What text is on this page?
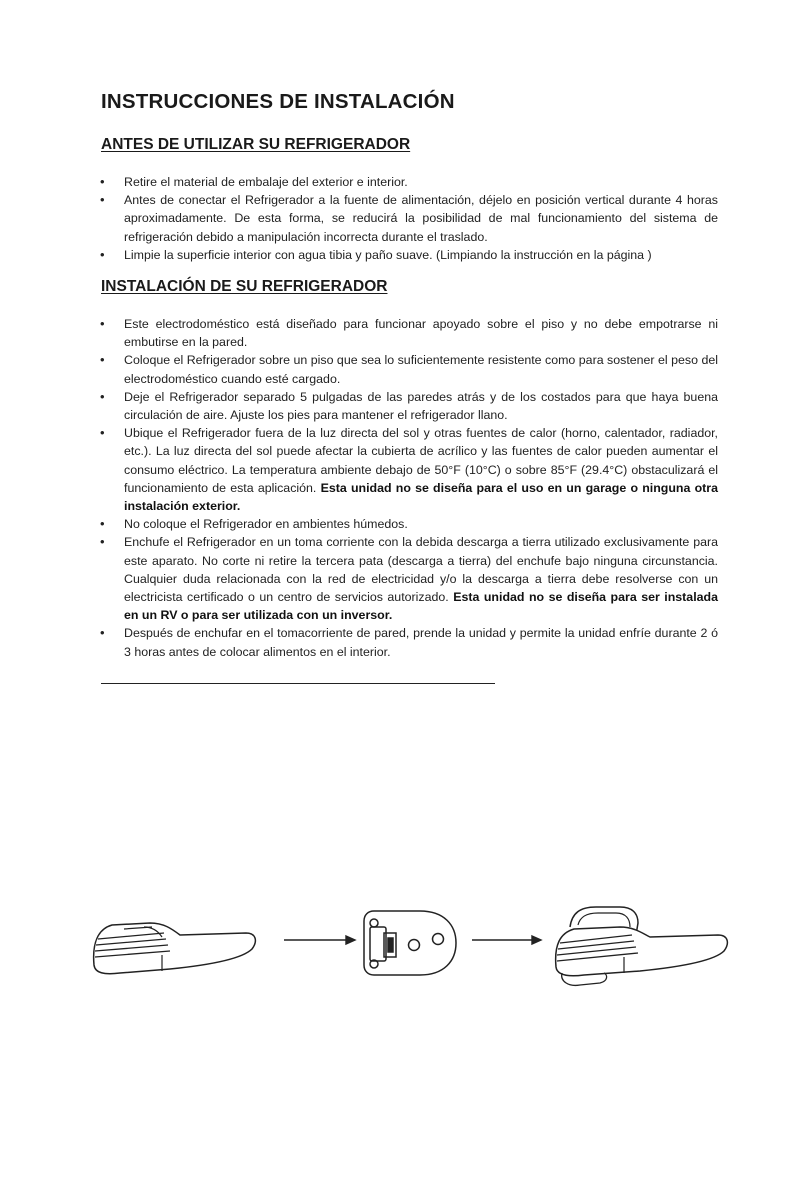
INSTRUCCIONES DE INSTALACIÓN
ANTES DE UTILIZAR SU REFRIGERADOR
• Retire el material de embalaje del exterior e interior.
• Antes de conectar el Refrigerador a la fuente de alimentación, déjelo en posición vertical durante 4 horas aproximadamente. De esta forma, se reducirá la posibilidad de mal funcionamiento del sistema de refrigeración debido a manipulación incorrecta durante el traslado.
• Limpie la superficie interior con agua tibia y paño suave. (Limpiando la instrucción en la página )
INSTALACIÓN DE SU REFRIGERADOR
• Este electrodoméstico está diseñado para funcionar apoyado sobre el piso y no debe empotrarse ni embutirse en la pared.
• Coloque el Refrigerador sobre un piso que sea lo suficientemente resistente como para sostener el peso del electrodoméstico cuando esté cargado.
• Deje el Refrigerador separado 5 pulgadas de las paredes atrás y de los costados para que haya buena circulación de aire. Ajuste los pies para mantener el refrigerador llano.
• Ubique el Refrigerador fuera de la luz directa del sol y otras fuentes de calor (horno, calentador, radiador, etc.). La luz directa del sol puede afectar la cubierta de acrílico y las fuentes de calor pueden aumentar el consumo eléctrico. La temperatura ambiente debajo de 50°F (10°C) o sobre 85°F (29.4°C) obstaculizará el funcionamiento de esta aplicación. Esta unidad no se diseña para el uso en un garage o ninguna otra instalación exterior.
• No coloque el Refrigerador en ambientes húmedos.
• Enchufe el Refrigerador en un toma corriente con la debida descarga a tierra utilizado exclusivamente para este aparato. No corte ni retire la tercera pata (descarga a tierra) del enchufe bajo ninguna circunstancia. Cualquier duda relacionada con la red de electricidad y/o la descarga a tierra debe resolverse con un electricista certificado o un centro de servicios autorizado. Esta unidad no se diseña para ser instalada en un RV o para ser utilizada con un inversor.
• Después de enchufar en el tomacorriente de pared, prende la unidad y permite la unidad enfríe durante 2 ó 3 horas antes de colocar alimentos en el interior.
